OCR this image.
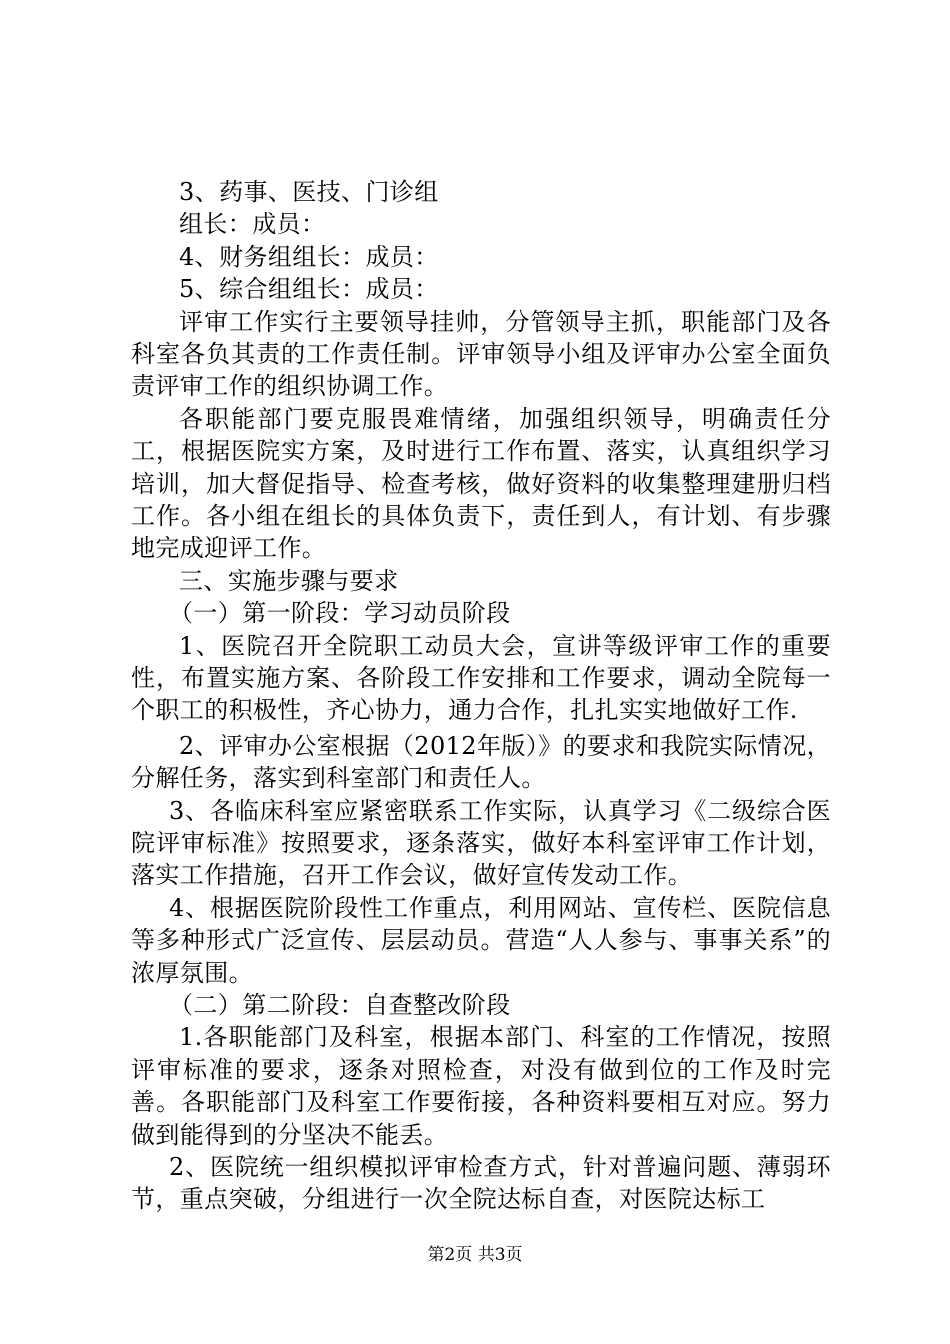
3、药事、医技、门诊组
组长：成员：
4、财务组组长：成员：
5、综合组组长：成员：

评审工作实行主要领导挂帅，分管领导主抓，职能部门及各科室各负其责的工作责任制。评审领导小组及评审办公室全面负责评审工作的组织协调工作。

各职能部门要克服畏难情绪，加强组织领导，明确责任分工，根据医院实方案，及时进行工作布置、落实，认真组织学习培训，加大督促指导、检查考核，做好资料的收集整理建册归档工作。各小组在组长的具体负责下，责任到人，有计划、有步骤地完成迎评工作。

三、实施步骤与要求
（一）第一阶段：学习动员阶段

1、医院召开全院职工动员大会，宣讲等级评审工作的重要性，布置实施方案、各阶段工作安排和工作要求，调动全院每一个职工的积极性，齐心协力，通力合作，扎扎实实地做好工作.

2、评审办公室根据（2012年版）》的要求和我院实际情况，分解任务，落实到科室部门和责任人。

3、各临床科室应紧密联系工作实际，认真学习《二级综合医院评审标准》按照要求，逐条落实，做好本科室评审工作计划，落实工作措施，召开工作会议，做好宣传发动工作。

4、根据医院阶段性工作重点，利用网站、宣传栏、医院信息等多种形式广泛宣传、层层动员。营造“人人参与、事事关系”的浓厚氛围。

（二）第二阶段：自查整改阶段

1.各职能部门及科室，根据本部门、科室的工作情况，按照评审标准的要求，逐条对照检查，对没有做到位的工作及时完善。各职能部门及科室工作要衔接，各种资料要相互对应。努力做到能得到的分坚决不能丢。

2、医院统一组织模拟评审检查方式，针对普遍问题、薄弱环节，重点突破，分组进行一次全院达标自查，对医院达标工

第2页 共3页
